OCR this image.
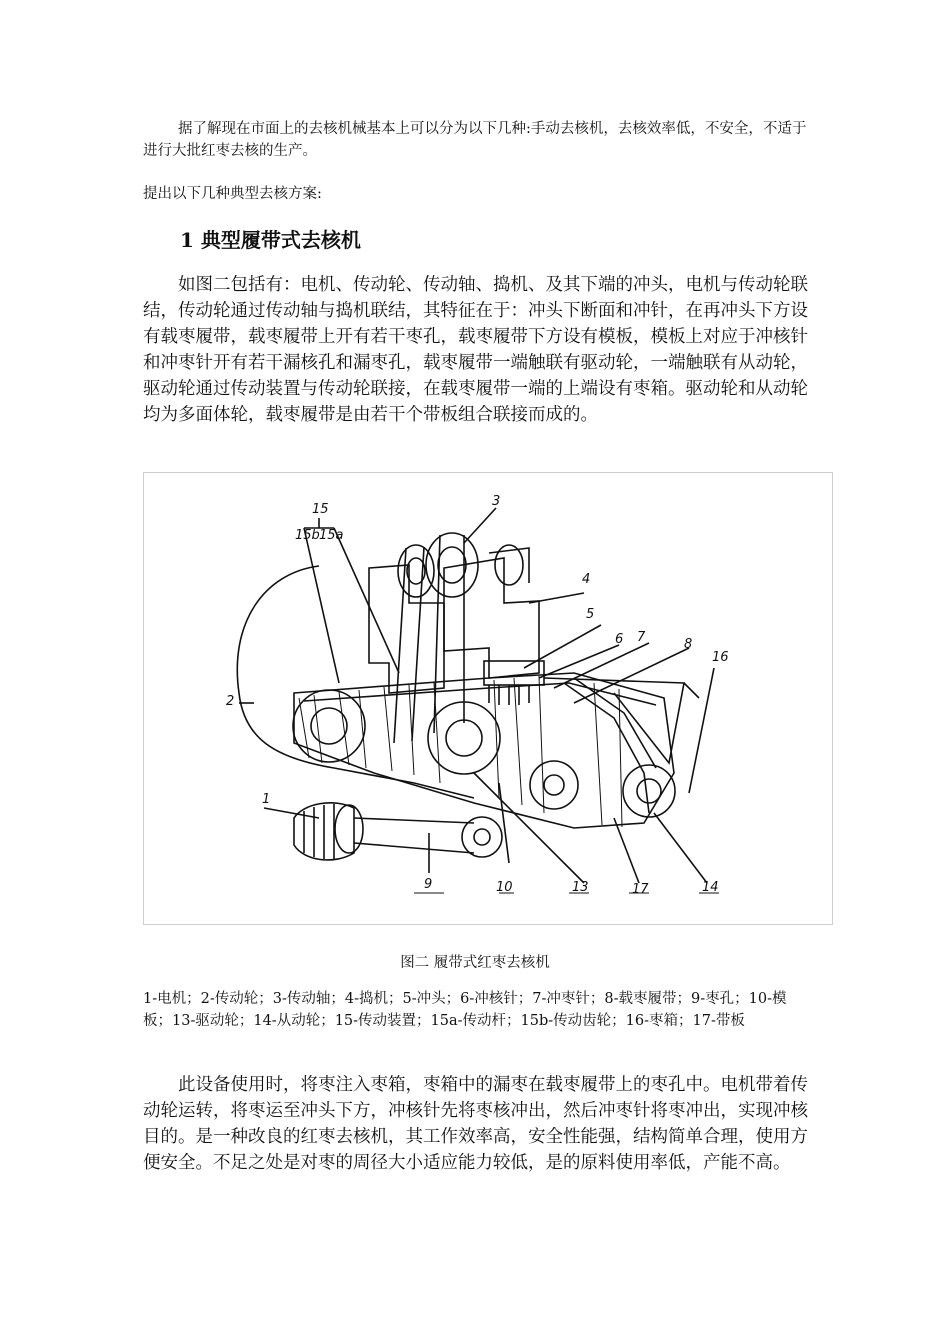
据了解现在市面上的去核机械基本上可以分为以下几种:手动去核机，去核效率低，不安全，不适于进行大批红枣去核的生产。

提出以下几种典型去核方案:

1 典型履带式去核机

如图二包括有：电机、传动轮、传动轴、捣机、及其下端的冲头，电机与传动轮联结，传动轮通过传动轴与捣机联结，其特征在于：冲头下断面和冲针，在再冲头下方设有载枣履带，载枣履带上开有若干枣孔，载枣履带下方设有模板，模板上对应于冲核针和冲枣针开有若干漏核孔和漏枣孔，载枣履带一端触联有驱动轮，一端触联有从动轮，驱动轮通过传动装置与传动轮联接，在载枣履带一端的上端设有枣箱。驱动轮和从动轮均为多面体轮，载枣履带是由若干个带板组合联接而成的。

15
15b 15a
3
4
5
6 7	8
16
2
1
9	10	13	17	14

图二 履带式红枣去核机

1-电机；2-传动轮；3-传动轴；4-捣机；5-冲头；6-冲核针；7-冲枣针；8-载枣履带；9-枣孔；10-模板；13-驱动轮；14-从动轮；15-传动装置；15a-传动杆；15b-传动齿轮；16-枣箱；17-带板

此设备使用时，将枣注入枣箱，枣箱中的漏枣在载枣履带上的枣孔中。电机带着传动轮运转，将枣运至冲头下方，冲核针先将枣核冲出，然后冲枣针将枣冲出，实现冲核目的。是一种改良的红枣去核机，其工作效率高，安全性能强，结构简单合理，使用方便安全。不足之处是对枣的周径大小适应能力较低，是的原料使用率低，产能不高。
